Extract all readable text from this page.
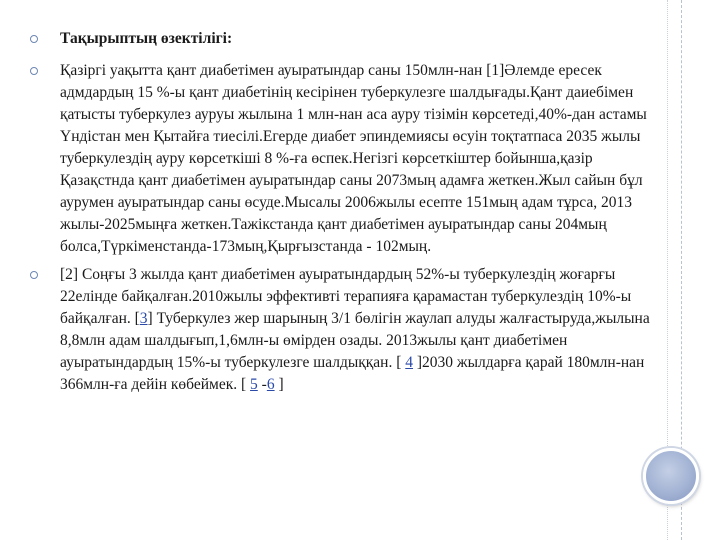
Тақырыптың өзектілігі:
Қазіргі уақытта қант диабетімен ауыратындар саны 150млн-нан [1]Әлемде ересек адмдардың 15 %-ы қант диабетінің кесірінен туберкулезге шалдығады.Қант даиебімен қатысты туберкулез ауруы жылына 1 млн-нан аса ауру тізімін көрсетеді,40%-дан астамы Үндістан мен Қытайға тиесілі.Егерде диабет эпиндемиясы өсуін тоқтатпаса 2035 жылы туберкулездің ауру көрсеткіші 8 %-ға өспек.Негізгі көрсеткіштер бойынша,қазір Қазақстнда қант диабетімен ауыратындар саны 2073мың адамға жеткен.Жыл сайын бұл аурумен ауыратындар саны өсуде.Мысалы 2006жылы есепте 151мың адам тұрса, 2013 жылы-2025мыңға жеткен.Тажікстанда қант диабетімен ауыратындар саны 204мың болса,Түркіменстанда-173мың,Қырғызстанда - 102мың.
[2] Соңғы 3 жылда қант диабетімен ауыратындардың 52%-ы туберкулездің жоғарғы 22елінде байқалған.2010жылы эффективті терапияға қарамастан туберкулездің 10%-ы байқалған. [3] Туберкулез жер шарының 3/1 бөлігін жаулап алуды жалғастыруда,жылына 8,8млн адам шалдығып,1,6млн-ы өмірден озады. 2013жылы қант диабетімен ауыратындардың 15%-ы туберкулезге шалдыққан. [ 4 ]2030 жылдарға қарай 180млн-нан 366млн-ға дейін көбеймек. [ 5 -6 ]
